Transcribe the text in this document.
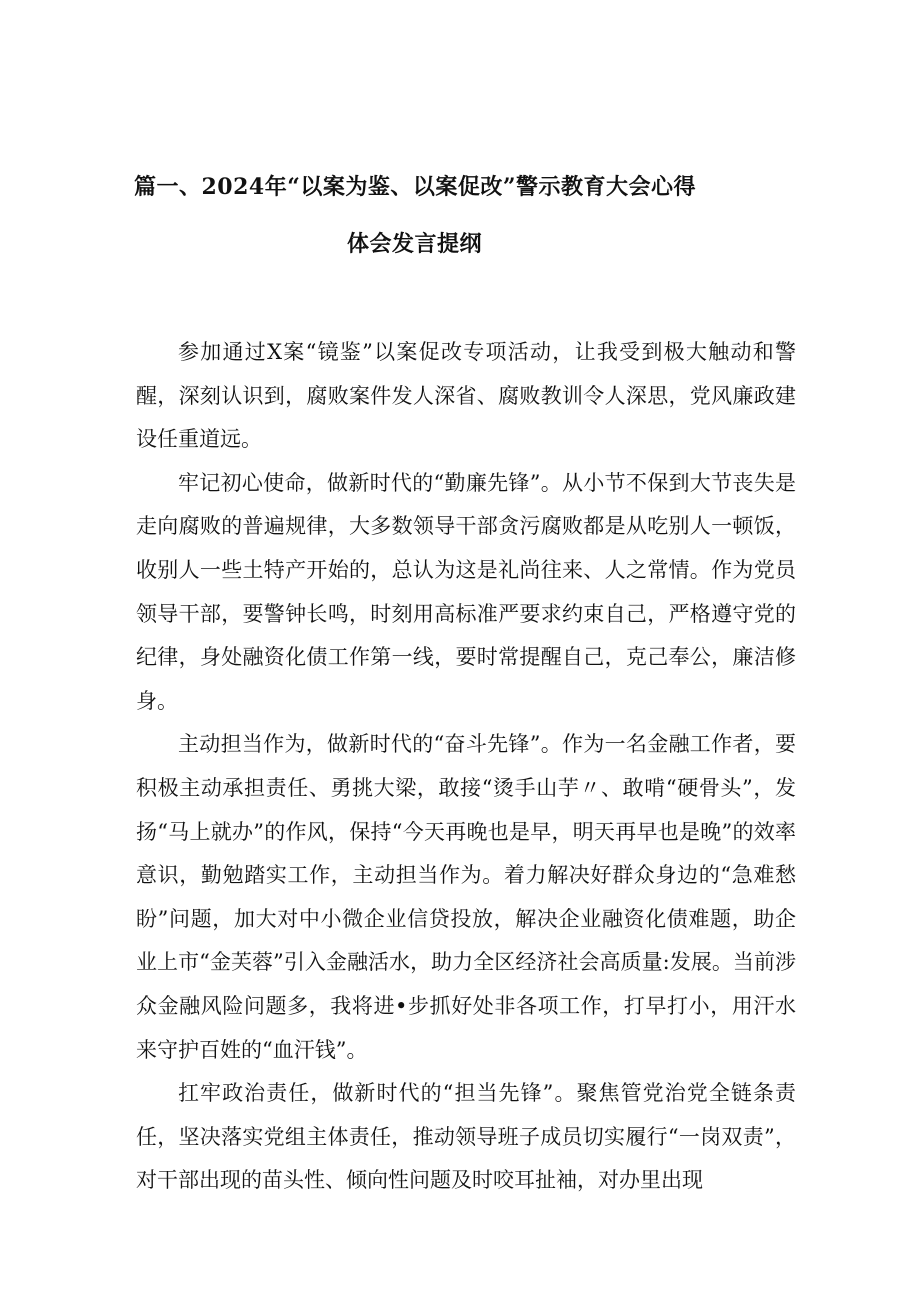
篇一、2024年“以案为鉴、以案促改”警示教育大会心得
体会发言提纲

参加通过X案“镜鉴”以案促改专项活动，让我受到极大触动和警醒，深刻认识到，腐败案件发人深省、腐败教训令人深思，党风廉政建设任重道远。

牢记初心使命，做新时代的“勤廉先锋”。从小节不保到大节丧失是走向腐败的普遍规律，大多数领导干部贪污腐败都是从吃别人一顿饭，收别人一些土特产开始的，总认为这是礼尚往来、人之常情。作为党员领导干部，要警钟长鸣，时刻用高标准严要求约束自己，严格遵守党的纪律，身处融资化债工作第一线，要时常提醒自己，克己奉公，廉洁修身。

主动担当作为，做新时代的“奋斗先锋”。作为一名金融工作者，要积极主动承担责任、勇挑大梁，敢接“烫手山芋〃、敢啃“硬骨头”，发扬“马上就办”的作风，保持“今天再晚也是早，明天再早也是晚”的效率意识，勤勉踏实工作，主动担当作为。着力解决好群众身边的“急难愁盼”问题，加大对中小微企业信贷投放，解决企业融资化债难题，助企业上市“金芙蓉”引入金融活水，助力全区经济社会高质量:发展。当前涉众金融风险问题多，我将进•步抓好处非各项工作，打早打小，用汗水来守护百姓的“血汗钱”。

扛牢政治责任，做新时代的“担当先锋”。聚焦管党治党全链条责任，坚决落实党组主体责任，推动领导班子成员切实履行“一岗双责”，对干部出现的苗头性、倾向性问题及时咬耳扯袖，对办里出现
